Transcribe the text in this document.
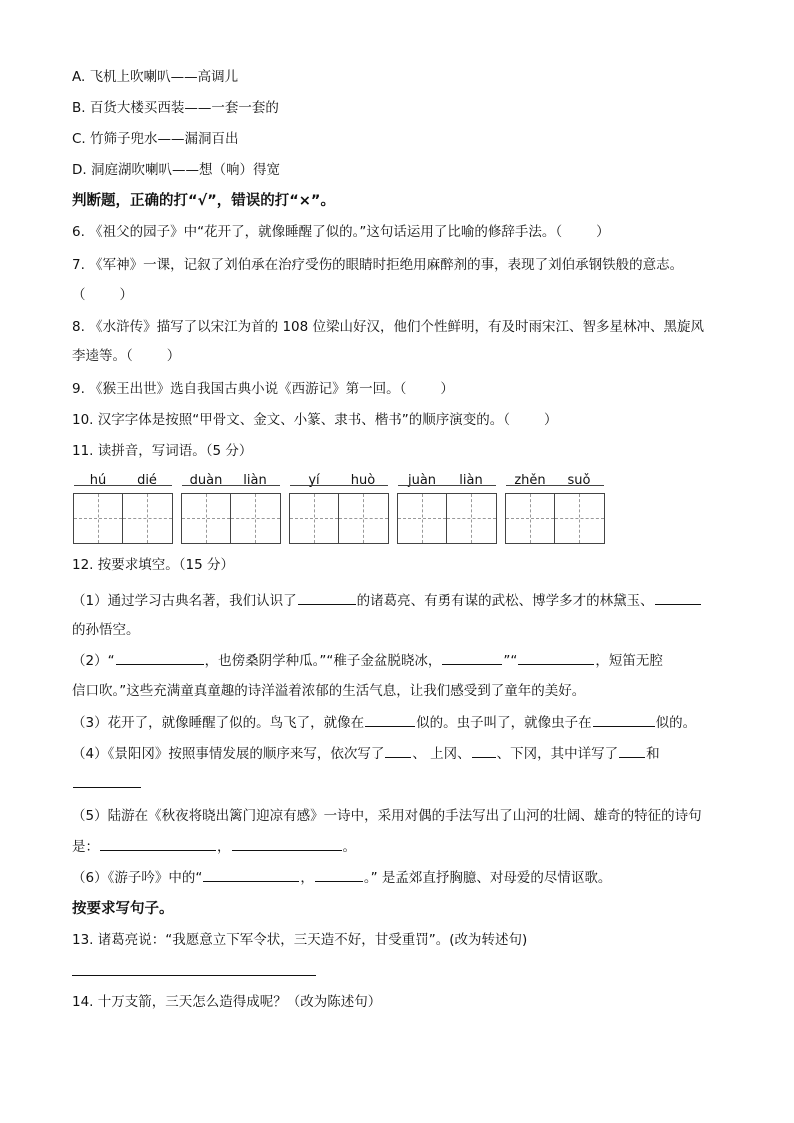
A. 飞机上吹喇叭——高调儿
B. 百货大楼买西装——一套一套的
C. 竹筛子兜水——漏洞百出
D. 洞庭湖吹喇叭——想（响）得宽
判断题，正确的打“√”，错误的打“×”。
6. 《祖父的园子》中“花开了，就像睡醒了似的。”这句话运用了比喻的修辞手法。（	）
7. 《军神》一课，记叙了刘伯承在治疗受伤的眼睛时拒绝用麻醉剂的事，表现了刘伯承钢铁般的意志。
（	）
8. 《水浒传》描写了以宋江为首的 108 位梁山好汉，他们个性鲜明，有及时雨宋江、智多星林冲、黑旋风
李逵等。（	）
9. 《猴王出世》选自我国古典小说《西游记》第一回。（	）
10. 汉字字体是按照“甲骨文、金文、小篆、隶书、楷书”的顺序演变的。（	）
11. 读拼音，写词语。（5 分）
hú	dié	duàn	liàn	yí	huò	juàn	liàn	zhěn	suǒ
12. 按要求填空。（15 分）
（1）通过学习古典名著，我们认识了	的诸葛亮、有勇有谋的武松、博学多才的林黛玉、
的孙悟空。
（2）“	，也傍桑阴学种瓜。”“稚子金盆脱晓冰，	”“	，短笛无腔
信口吹。”这些充满童真童趣的诗洋溢着浓郁的生活气息，让我们感受到了童年的美好。
（3）花开了，就像睡醒了似的。鸟飞了，就像在	似的。虫子叫了，就像虫子在	似的。
（4）《景阳冈》按照事情发展的顺序来写，依次写了 、 上冈、 、下冈，其中详写了 和
（5）陆游在《秋夜将晓出篱门迎凉有感》一诗中，采用对偶的手法写出了山河的壮阔、雄奇的特征的诗句
是：	，	。
（6）《游子吟》中的“	，	。” 是孟郊直抒胸臆、对母爱的尽情讴歌。
按要求写句子。
13. 诸葛亮说：“我愿意立下军令状，三天造不好，甘受重罚”。(改为转述句)
14. 十万支箭，三天怎么造得成呢？（改为陈述句）
